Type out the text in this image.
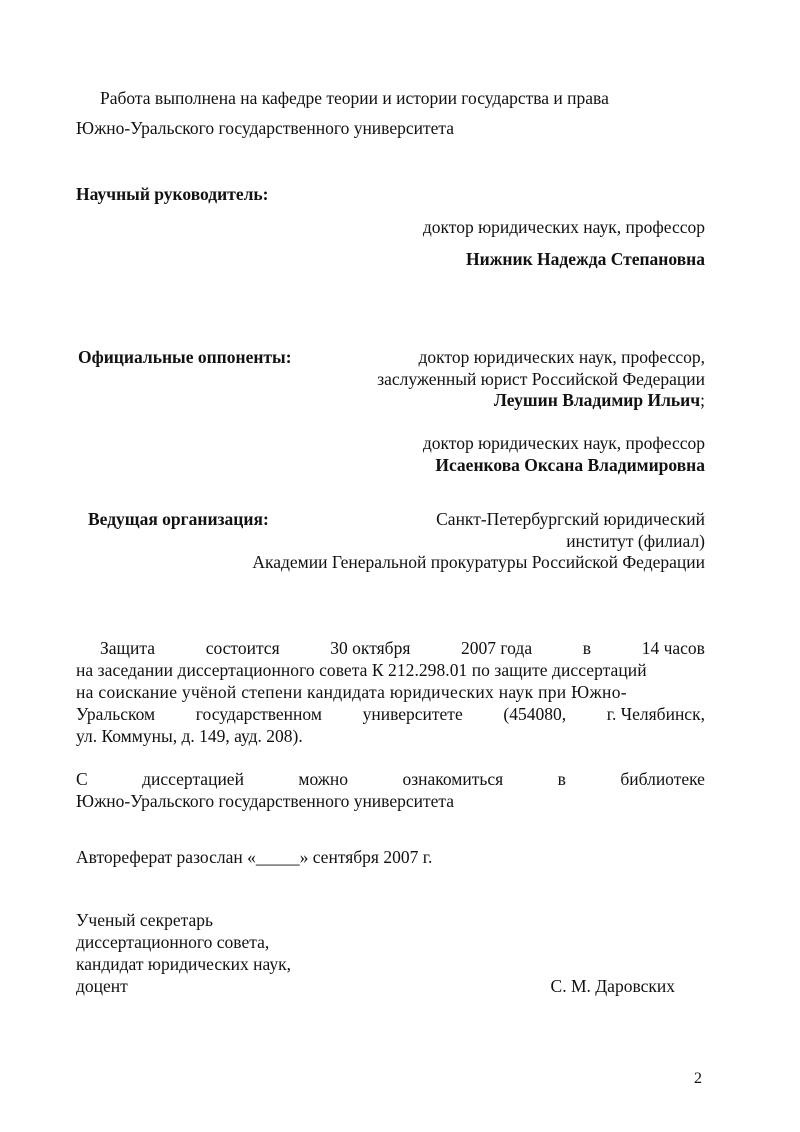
Работа выполнена на кафедре теории и истории государства и права
Южно-Уральского государственного университета
Научный руководитель:
доктор юридических наук, профессор
Нижник Надежда Степановна
Официальные оппоненты:	доктор юридических наук, профессор,
заслуженный юрист Российской Федерации
Леушин Владимир Ильич;
доктор юридических наук, профессор
Исаенкова Оксана Владимировна
Ведущая организация:	Санкт-Петербургский юридический
институт (филиал)
Академии Генеральной прокуратуры Российской Федерации
Защита	состоится	30 октября	2007 года	в	14 часов
на заседании диссертационного совета К 212.298.01 по защите диссертаций
на соискание учёной степени кандидата юридических наук при Южно-
Уральском государственном университете (454080, г. Челябинск,
ул. Коммуны, д. 149, ауд. 208).
С	диссертацией	можно	ознакомиться	в	библиотеке
Южно-Уральского государственного университета
Автореферат разослан «_____» сентября 2007 г.
Ученый секретарь
диссертационного совета,
кандидат юридических наук,
доцент	С. М. Даровских
2
